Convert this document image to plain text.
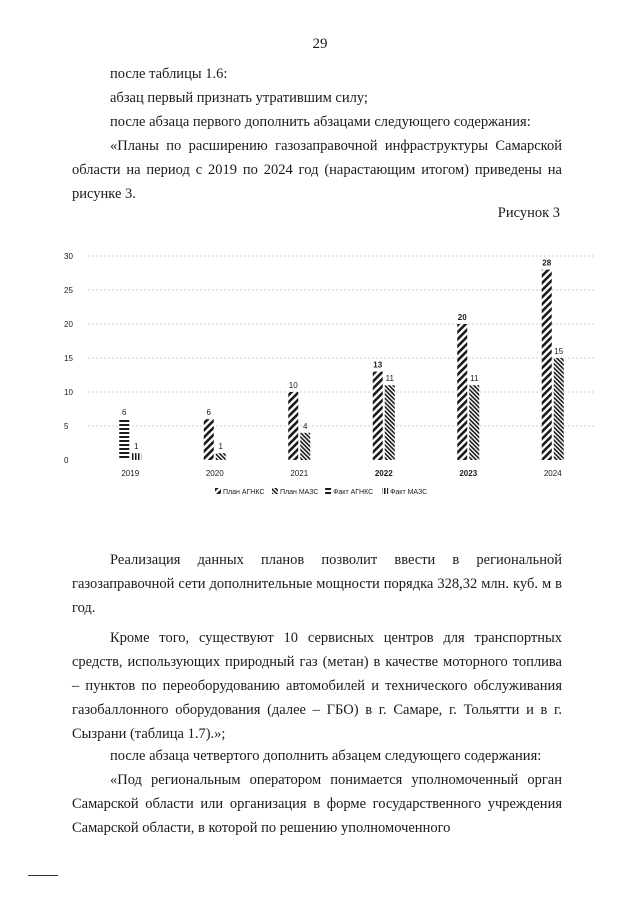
29

после таблицы 1.6:

абзац первый признать утратившим силу;

после абзаца первого дополнить абзацами следующего содержания:

«Планы по расширению газозаправочной инфраструктуры Самарской области на период с 2019 по 2024 год (нарастающим итогом) приведены на рисунке 3.

Рисунок 3
0
5
10
15
20
25
30
6
1
6
1
10
4
13
11
20
11
28
15
2019	2020	2021	2022	2023	2024
План АГНКС План МАЗС Факт АГНКС Факт МАЗС

Реализация данных планов позволит ввести в региональной газозаправочной сети дополнительные мощности порядка 328,32 млн. куб. м в год.

Кроме того, существуют 10 сервисных центров для транспортных средств, использующих природный газ (метан) в качестве моторного топлива – пунктов по переоборудованию автомобилей и технического обслуживания газобаллонного оборудования (далее – ГБО) в г. Самаре, г. Тольятти и в г. Сызрани (таблица 1.7).»;

после абзаца четвертого дополнить абзацем следующего содержания:

«Под региональным оператором понимается уполномоченный орган Самарской области или организация в форме государственного учреждения Самарской области, в которой по решению уполномоченного
